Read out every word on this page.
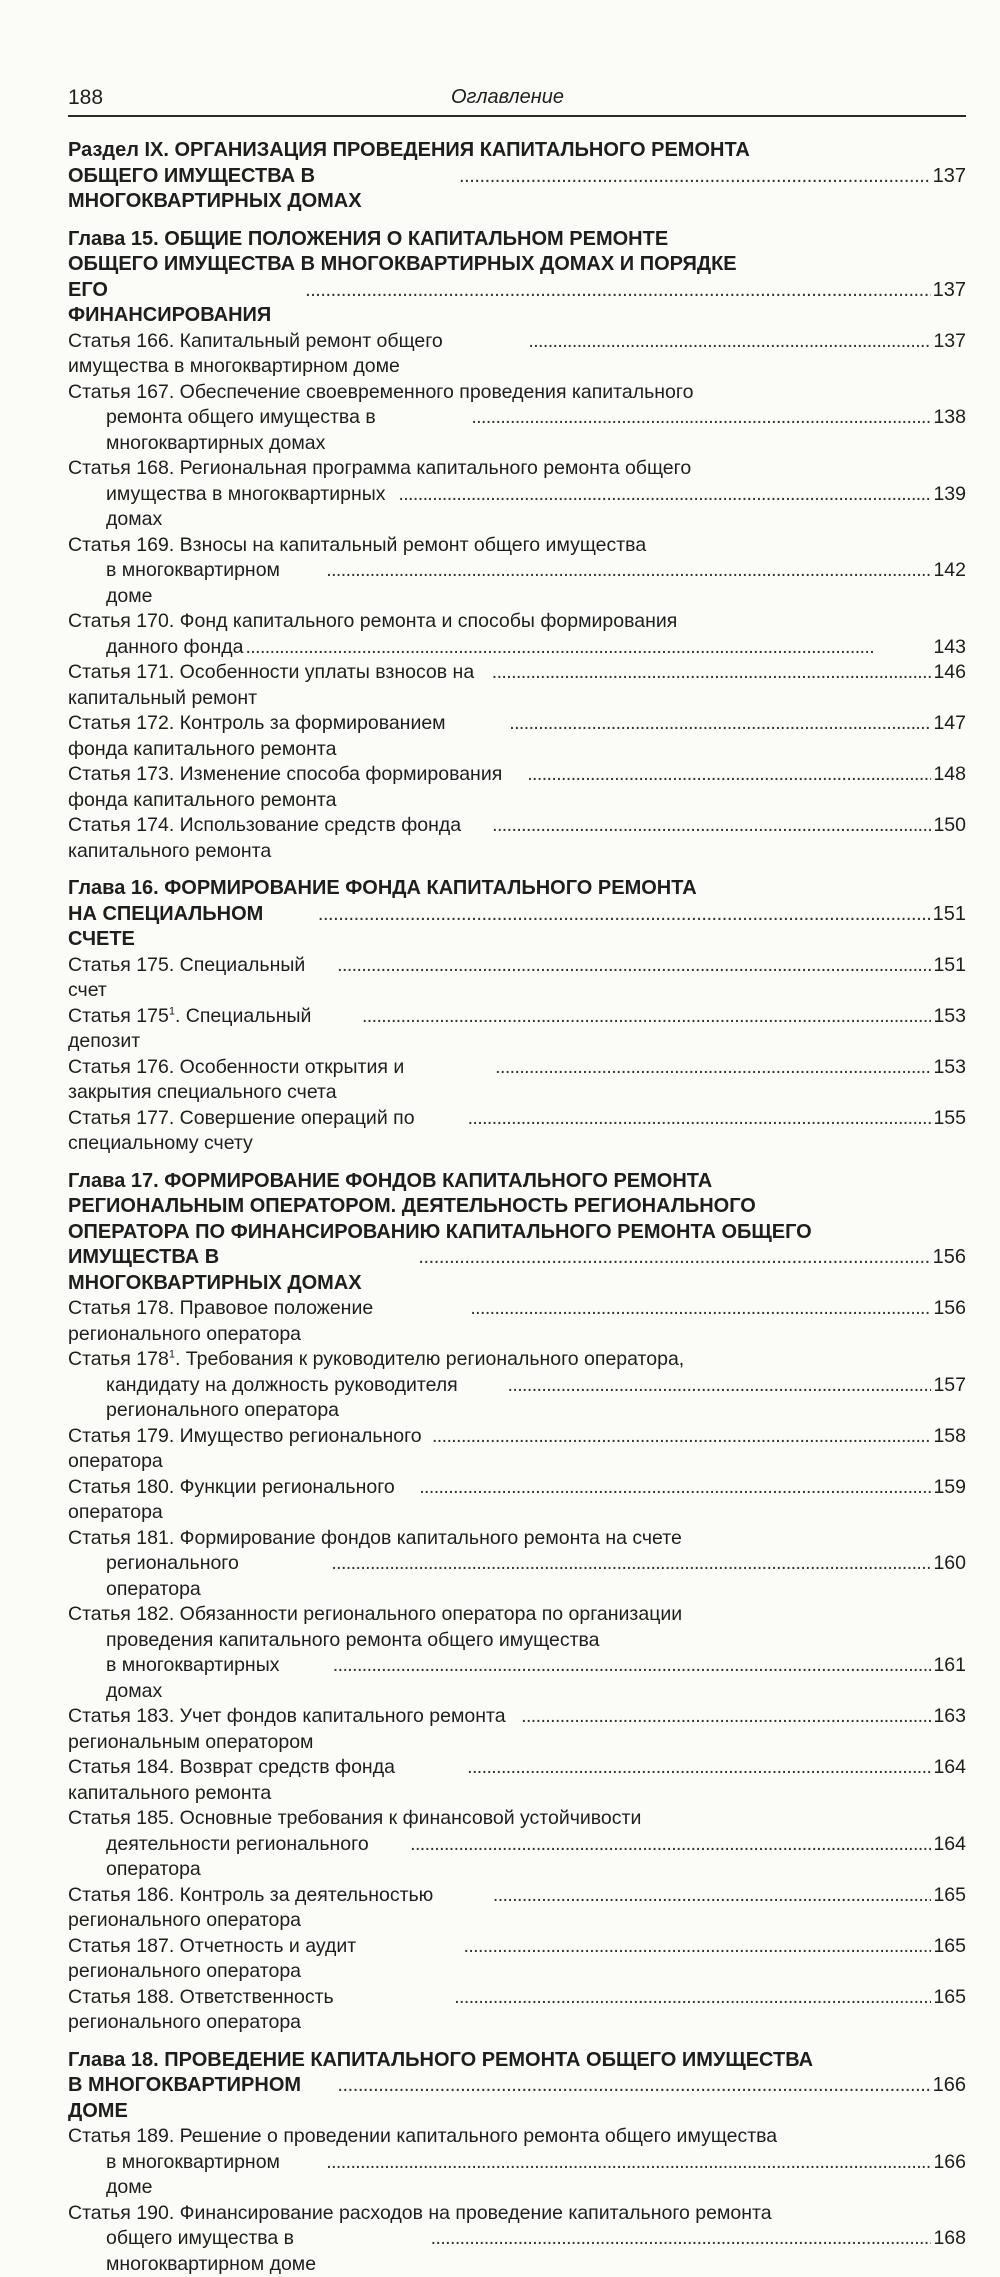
188	Оглавление
Раздел IX. ОРГАНИЗАЦИЯ ПРОВЕДЕНИЯ КАПИТАЛЬНОГО РЕМОНТА
ОБЩЕГО ИМУЩЕСТВА В МНОГОКВАРТИРНЫХ ДОМАХ
. . .
137
Глава 15. ОБЩИЕ ПОЛОЖЕНИЯ О КАПИТАЛЬНОМ РЕМОНТЕ
ОБЩЕГО ИМУЩЕСТВА В МНОГОКВАРТИРНЫХ ДОМАХ И ПОРЯДКЕ
ЕГО ФИНАНСИРОВАНИЯ
. . .
137
Статья 166. Капитальный ремонт общего имущества в многоквартирном доме
. . .
137
Статья 167. Обеспечение своевременного проведения капитального
ремонта общего имущества в многоквартирных домах
. . .
138
Статья 168. Региональная программа капитального ремонта общего
имущества в многоквартирных домах
. . .
139
Статья 169. Взносы на капитальный ремонт общего имущества
в многоквартирном доме
. . .
142
Статья 170. Фонд капитального ремонта и способы формирования
данного фонда
. . .	143
Статья 171. Особенности уплаты взносов на капитальный ремонт
. . .
146
Статья 172. Контроль за формированием фонда капитального ремонта
. . .
147
Статья 173. Изменение способа формирования фонда капитального ремонта
. . .
148
Статья 174. Использование средств фонда капитального ремонта
. . .
150
Глава 16. ФОРМИРОВАНИЕ ФОНДА КАПИТАЛЬНОГО РЕМОНТА
НА СПЕЦИАЛЬНОМ СЧЕТЕ
. . .
151
Статья 175. Специальный счет
. . .
151
Статья $175^1$. Специальный депозит
. . .
153
Статья 176. Особенности открытия и закрытия специального счета
. . .
153
Статья 177. Совершение операций по специальному счету
. . .
155
Глава 17. ФОРМИРОВАНИЕ ФОНДОВ КАПИТАЛЬНОГО РЕМОНТА
РЕГИОНАЛЬНЫМ ОПЕРАТОРОМ. ДЕЯТЕЛЬНОСТЬ РЕГИОНАЛЬНОГО
ОПЕРАТОРА ПО ФИНАНСИРОВАНИЮ КАПИТАЛЬНОГО РЕМОНТА ОБЩЕГО
ИМУЩЕСТВА В МНОГОКВАРТИРНЫХ ДОМАХ
. . .
156
Статья 178. Правовое положение регионального оператора
. . .
156
Статья $178^1$. Требования к руководителю регионального оператора,
кандидату на должность руководителя регионального оператора
. . .
157
Статья 179. Имущество регионального оператора
. . .
158
Статья 180. Функции регионального оператора
. . .
159
Статья 181. Формирование фондов капитального ремонта на счете
регионального оператора
. . .
160
Статья 182. Обязанности регионального оператора по организации
проведения капитального ремонта общего имущества
в многоквартирных домах
. . .
161
Статья 183. Учет фондов капитального ремонта региональным оператором
. . .
163
Статья 184. Возврат средств фонда капитального ремонта
. . .
164
Статья 185. Основные требования к финансовой устойчивости
деятельности регионального оператора
. . .
164
Статья 186. Контроль за деятельностью регионального оператора
. . .
165
Статья 187. Отчетность и аудит регионального оператора
. . .
165
Статья 188. Ответственность регионального оператора
. . .
165
Глава 18. ПРОВЕДЕНИЕ КАПИТАЛЬНОГО РЕМОНТА ОБЩЕГО ИМУЩЕСТВА
В МНОГОКВАРТИРНОМ ДОМЕ
. . .
166
Статья 189. Решение о проведении капитального ремонта общего имущества
в многоквартирном доме
. . .
166
Статья 190. Финансирование расходов на проведение капитального ремонта
общего имущества в многоквартирном доме
. . .
168
